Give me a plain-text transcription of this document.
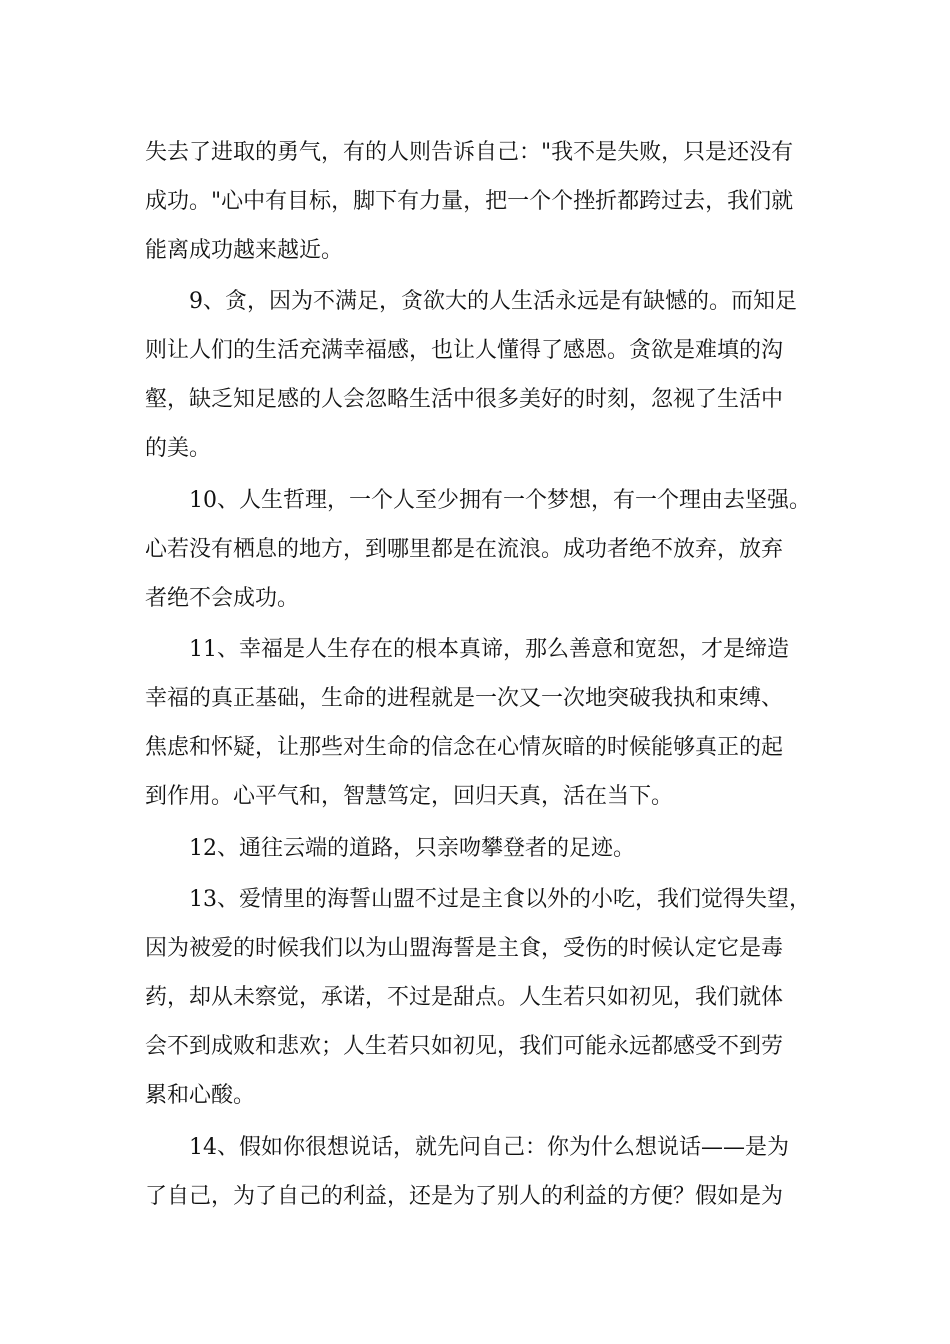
失去了进取的勇气，有的人则告诉自己："我不是失败，只是还没有
成功。"心中有目标，脚下有力量，把一个个挫折都跨过去，我们就
能离成功越来越近。
9、贪，因为不满足，贪欲大的人生活永远是有缺憾的。而知足
则让人们的生活充满幸福感，也让人懂得了感恩。贪欲是难填的沟
壑，缺乏知足感的人会忽略生活中很多美好的时刻，忽视了生活中
的美。
10、人生哲理，一个人至少拥有一个梦想，有一个理由去坚强。
心若没有栖息的地方，到哪里都是在流浪。成功者绝不放弃，放弃
者绝不会成功。
11、幸福是人生存在的根本真谛，那么善意和宽恕，才是缔造
幸福的真正基础，生命的进程就是一次又一次地突破我执和束缚、
焦虑和怀疑，让那些对生命的信念在心情灰暗的时候能够真正的起
到作用。心平气和，智慧笃定，回归天真，活在当下。
12、通往云端的道路，只亲吻攀登者的足迹。
13、爱情里的海誓山盟不过是主食以外的小吃，我们觉得失望，
因为被爱的时候我们以为山盟海誓是主食，受伤的时候认定它是毒
药，却从未察觉，承诺，不过是甜点。人生若只如初见，我们就体
会不到成败和悲欢；人生若只如初见，我们可能永远都感受不到劳
累和心酸。
14、假如你很想说话，就先问自己：你为什么想说话——是为
了自己，为了自己的利益，还是为了别人的利益的方便？假如是为
